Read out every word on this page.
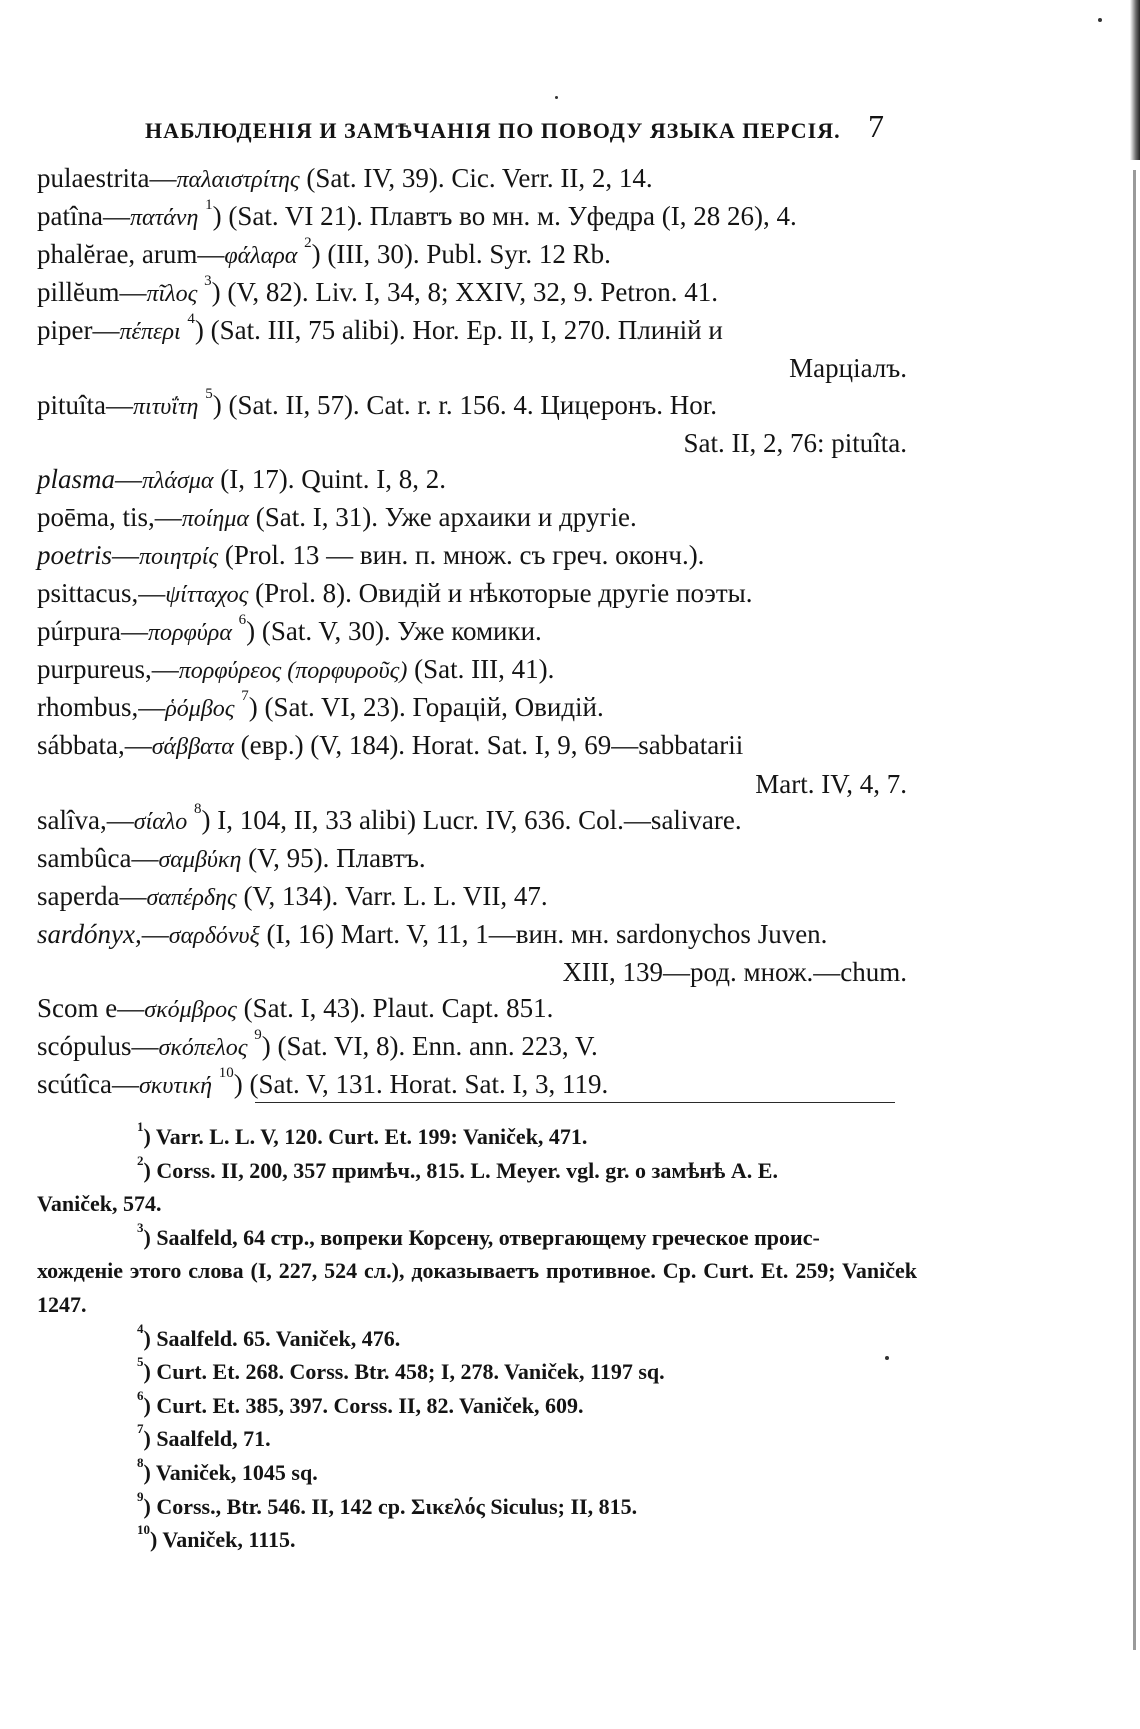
НАБЛЮДЕНІЯ И ЗАМѢЧАНІЯ ПО ПОВОДУ ЯЗЫКА ПЕРСІЯ. 7
pulaestrita—παλαιστρίτης (Sat. IV, 39). Cic. Verr. II, 2, 14.
patîna—πατάνη $^1$) (Sat. VI 21). Плавтъ во мн. м. Уфедра (I, 28 26), 4.
phalĕrae, arum—φάλαρα $^2$) (III, 30). Publ. Syr. 12 Rb.
pillĕum—πῖλος $^3$) (V, 82). Liv. I, 34, 8; XXIV, 32, 9. Petron. 41.
piper—πέπερι $^4$) (Sat. III, 75 alibi). Hor. Ep. II, I, 270. Плиній и
Марціалъ.
pituîta—πιτυΐτη $^5$) (Sat. II, 57). Cat. r. r. 156. 4. Цицеронъ. Hor.
Sat. II, 2, 76: pituîta.
plasma—πλάσμα (I, 17). Quint. I, 8, 2.
poēma, tis,—ποίημα (Sat. I, 31). Уже архаики и другіе.
poetris—ποιητρίς (Prol. 13 — вин. п. множ. съ греч. оконч.).
psittacus,—ψίτταχος (Prol. 8). Овидій и нѣкоторые другіе поэты.
púrpura—πορφύρα $^6$) (Sat. V, 30). Уже комики.
purpureus,—πορφύρεος (πορφυροῦς) (Sat. III, 41).
rhombus,—ῥόμβος $^7$) (Sat. VI, 23). Горацій, Овидій.
sábbata,—σάββατα (евр.) (V, 184). Horat. Sat. I, 9, 69—sabbatarii
Mart. IV, 4, 7.
salîva,—σίαλο $^8$) I, 104, II, 33 alibi) Lucr. IV, 636. Col.—salivare.
sambûca—σαμβύκη (V, 95). Плавтъ.
saperda—σαπέρδης (V, 134). Varr. L. L. VII, 47.
sardónyx,—σαρδόνυξ (I, 16) Mart. V, 11, 1—вин. мн. sardonychos Juven.
XIII, 139—род. множ.—chum.
Scom e—σκόμβρος (Sat. I, 43). Plaut. Capt. 851.
scópulus—σκόπελος $^9$) (Sat. VI, 8). Enn. ann. 223, V.
scútîca—σκυτική $^{10}$) (Sat. V, 131. Horat. Sat. I, 3, 119.
$^1$) Varr. L. L. V, 120. Curt. Et. 199: Vaniček, 471.
$^2$) Corss. II, 200, 357 примѣч., 815. L. Meyer. vgl. gr. о замѣнѣ A. E.
Vaniček, 574.
$^3$) Saalfeld, 64 стр., вопреки Корсену, отвергающему греческое проис-
хожденіе этого слова (I, 227, 524 сл.), доказываетъ противное. Ср. Curt. Et. 259; Vaniček 1247.
$^4$) Saalfeld. 65. Vaniček, 476.
$^5$) Curt. Et. 268. Corss. Btr. 458; I, 278. Vaniček, 1197 sq.
$^6$) Curt. Et. 385, 397. Corss. II, 82. Vaniček, 609.
$^7$) Saalfeld, 71.
$^8$) Vaniček, 1045 sq.
$^9$) Corss., Btr. 546. II, 142 ср. Σικελός Siculus; II, 815.
$^{10}$) Vaniček, 1115.
